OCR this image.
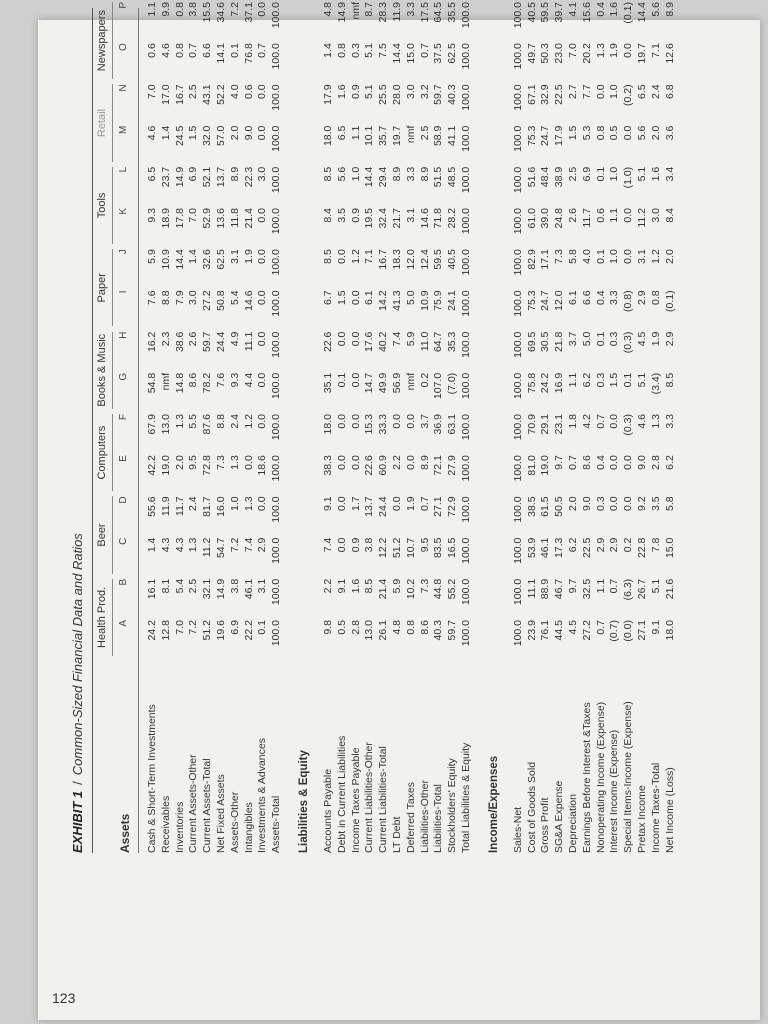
EXHIBIT 1/Common-Sized Financial Data and Ratios Health Prod.
Beer
Computers
Books & Music
Paper
Tools
Retail
Newspapers
Assets
A
B
C
D
E
F
G
H
I
J
K
L
M
N
O
P
Cash & Short-Term Investments
24.2
16.1
1.4
55.6
42.2
67.9
54.8
16.2
7.6
5.9
9.3
6.5
4.6
7.0
0.6
1.1
Receivables
12.8
8.1
4.3
11.9
19.0
13.0
nmf
2.3
8.8
10.9
18.9
23.7
1.4
17.0
4.6
9.9
Inventories
7.0
5.4
4.3
11.7
2.0
1.3
14.8
38.6
7.9
14.4
17.8
14.9
24.5
16.7
0.8
0.8
Current Assets-Other
7.2
2.5
1.3
2.4
9.5
5.5
8.6
2.6
3.0
1.4
7.0
6.9
1.5
2.5
0.7
3.8
Current Assets-Total
51.2
32.1
11.2
81.7
72.8
87.6
78.2
59.7
27.2
32.6
52.9
52.1
32.0
43.1
6.6
15.5
Net Fixed Assets
19.6
14.9
54.7
16.0
7.3
8.8
7.6
24.4
50.8
62.5
13.6
13.7
57.0
52.2
14.1
34.6
Assets-Other
6.9
3.8
7.2
1.0
1.3
2.4
9.3
4.9
5.4
3.1
11.8
8.9
2.0
4.0
0.1
7.2
Intangibles
22.2
46.1
7.4
1.3
0.0
1.2
4.4
11.1
14.6
1.9
21.4
22.3
9.0
0.6
76.8
37.1
Investments & Advances
0.1
3.1
2.9
0.0
18.6
0.0
0.0
0.0
0.0
0.0
0.0
3.0
0.0
0.0
0.7
0.0
Assets-Total
100.0
100.0
100.0
100.0
100.0
100.0
100.0
100.0
100.0
100.0
100.0
100.0
100.0
100.0
100.0
100.0
Liabilities & Equity Accounts Payable
9.8
2.2
7.4
9.1
38.3
18.0
35.1
22.6
6.7
8.5
8.4
8.5
18.0
17.9
1.4
4.8
Debt in Current Liabilities
0.5
9.1
0.0
0.0
0.0
0.0
0.1
0.0
1.5
0.0
3.5
5.6
6.5
1.6
0.8
14.9
Income Taxes Payable
2.8
1.6
0.9
1.7
0.0
0.0
0.0
0.0
0.0
1.2
0.9
1.0
1.1
0.9
0.3
nmf
Current Liabilities-Other
13.0
8.5
3.8
13.7
22.6
15.3
14.7
17.6
6.1
7.1
19.5
14.4
10.1
5.1
5.1
8.7
Current Liabilities-Total
26.1
21.4
12.2
24.4
60.9
33.3
49.9
40.2
14.2
16.7
32.4
29.4
35.7
25.5
7.5
28.3
LT Debt
4.8
5.9
51.2
0.0
2.2
0.0
56.9
7.4
41.3
18.3
21.7
8.9
19.7
28.0
14.4
11.9
Deferred Taxes
0.8
10.2
10.7
1.9
0.0
0.0
nmf
5.9
5.0
12.0
3.1
3.3
nmf
3.0
15.0
3.3
Liabilities-Other
8.6
7.3
9.5
0.7
8.9
3.7
0.2
11.0
10.9
12.4
14.6
8.9
2.5
3.2
0.7
17.5
Liabilities-Total
40.3
44.8
83.5
27.1
72.1
36.9
107.0
64.7
75.9
59.5
71.8
51.5
58.9
59.7
37.5
64.5
Stockholders' Equity
59.7
55.2
16.5
72.9
27.9
63.1
(7.0)
35.3
24.1
40.5
28.2
48.5
41.1
40.3
62.5
35.5
Total Liabilities & Equity
100.0
100.0
100.0
100.0
100.0
100.0
100.0
100.0
100.0
100.0
100.0
100.0
100.0
100.0
100.0
100.0
Income/Expenses Sales-Net
100.0
100.0
100.0
100.0
100.0
100.0
100.0
100.0
100.0
100.0
100.0
100.0
100.0
100.0
100.0
100.0
Cost of Goods Sold
23.9
11.1
53.9
38.5
81.0
70.9
75.8
69.5
75.3
82.9
61.0
51.6
75.3
67.1
49.7
40.5
Gross Profit
76.1
88.9
46.1
61.5
19.0
29.1
24.2
30.5
24.7
17.1
39.0
48.4
24.7
32.9
50.3
59.5
SG&A Expense
44.5
46.7
17.3
50.5
9.7
23.1
16.9
21.8
12.0
7.3
24.8
38.9
17.9
22.5
23.0
39.7
Depreciation
4.5
9.7
6.2
2.0
0.7
1.8
1.1
3.7
6.1
5.8
2.6
2.5
1.5
2.7
7.0
4.1
Earnings Before Interest &Taxes
27.2
32.5
22.5
9.0
8.6
4.2
6.2
5.0
6.6
4.0
11.7
6.9
5.3
7.7
20.2
15.6
Nonoperating Income (Expense)
0.7
1.1
2.9
0.3
0.4
0.7
0.3
0.1
0.4
0.1
0.6
0.1
0.8
0.0
1.3
0.4
Interest Income (Expense)
(0.7)
0.7
2.9
0.0
0.0
0.0
1.5
0.3
3.3
1.0
1.1
1.0
0.5
1.0
1.9
1.6
Special Items-Income (Expense)
(0.0)
(6.3)
0.2
0.0
0.0
(0.3)
0.1
(0.3)
(0.8)
0.0
0.0
(1.0)
0.0
(0.2)
0.0
(0.1)
Pretax Income
27.1
26.7
22.8
9.2
9.0
4.6
5.1
4.5
2.9
3.1
11.2
5.1
5.6
6.5
19.7
14.4
Income Taxes-Total
9.1
5.1
7.8
3.5
2.8
1.3
(3.4)
1.9
0.8
1.2
3.0
1.6
2.0
2.4
7.1
5.6
Net Income (Loss)
18.0
21.6
15.0
5.8
6.2
3.3
8.5
2.9
(0.1)
2.0
8.4
3.4
3.6
6.8
12.6
8.9
123
